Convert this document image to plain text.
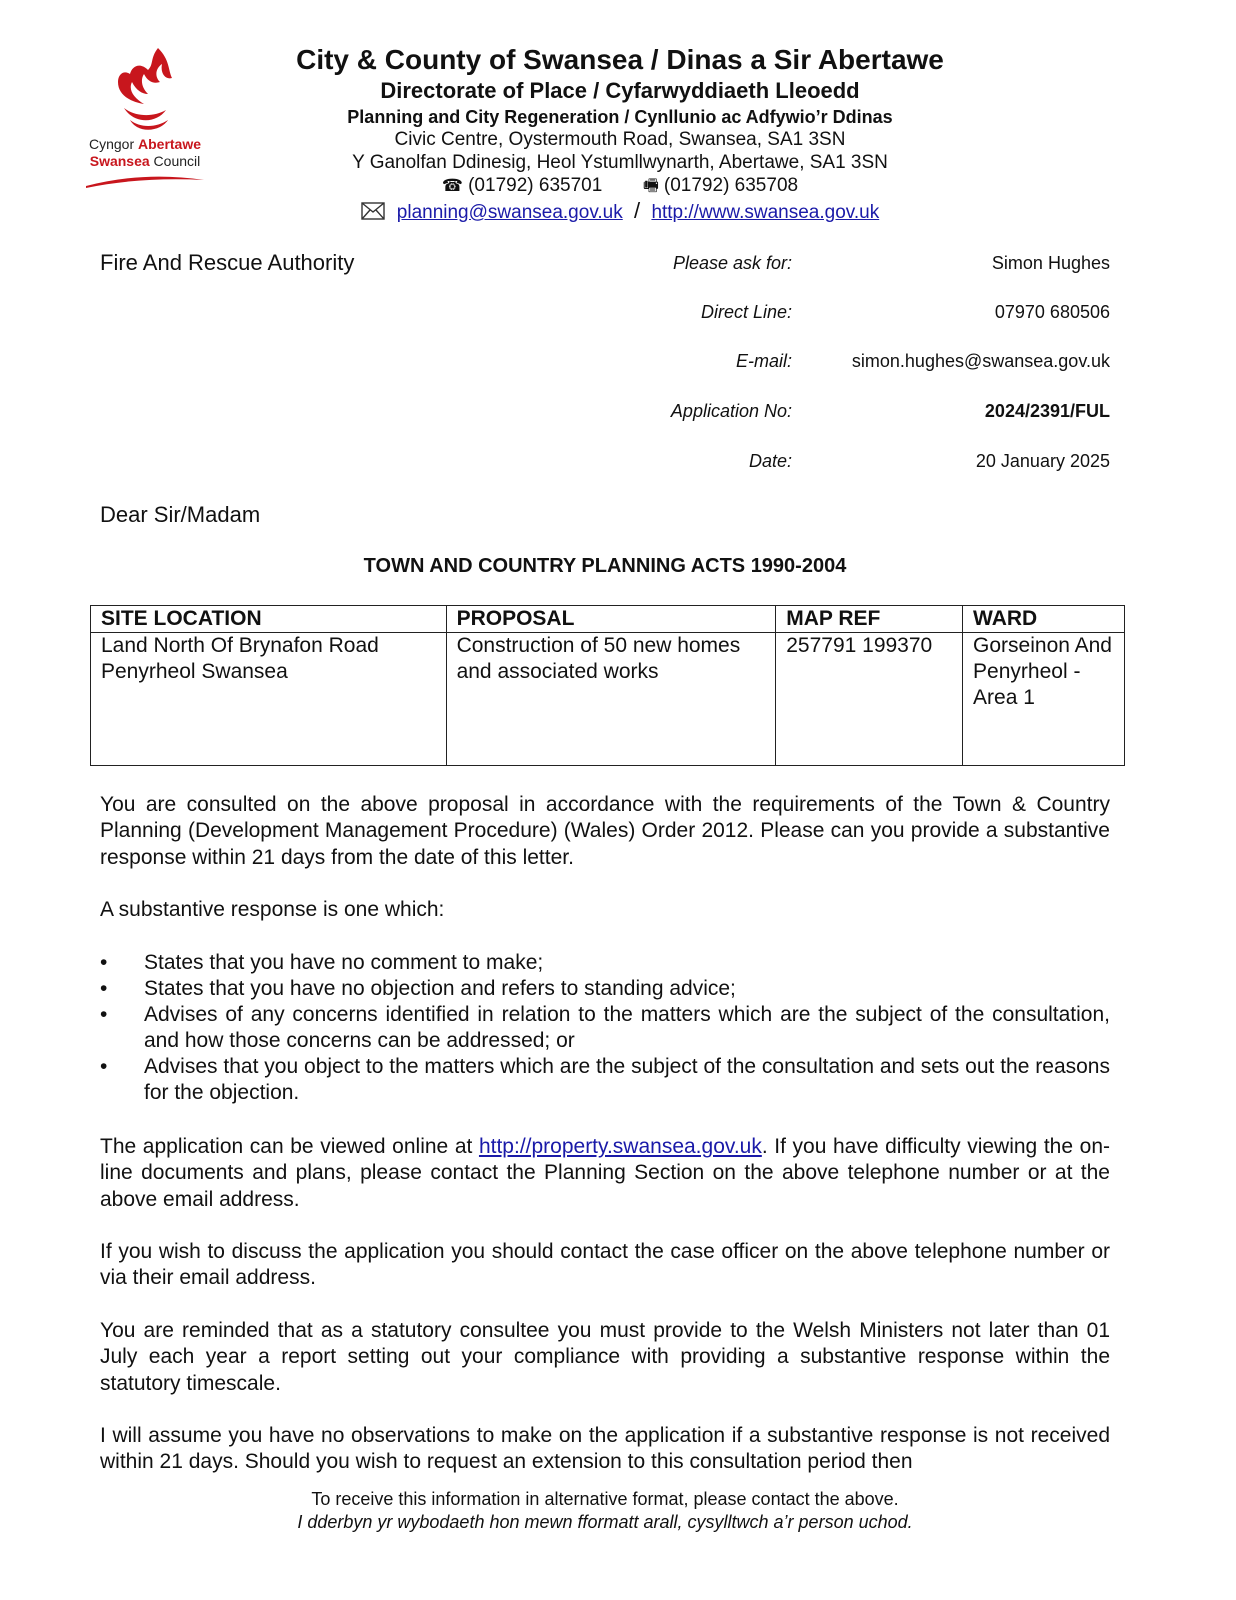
Cyngor Abertawe
Swansea Council
City & County of Swansea / Dinas a Sir Abertawe
Directorate of Place / Cyfarwyddiaeth Lleoedd
Planning and City Regeneration / Cynllunio ac Adfywio’r Ddinas
Civic Centre, Oystermouth Road, Swansea, SA1 3SN
Y Ganolfan Ddinesig, Heol Ystumllwynarth, Abertawe, SA1 3SN
☎ (01792) 635701 🖷 (01792) 635708
planning@swansea.gov.uk / http://www.swansea.gov.uk
Fire And Rescue Authority	Please ask for:	Simon Hughes
Direct Line:	07970 680506
E-mail:	simon.hughes@swansea.gov.uk
Application No:	2024/2391/FUL
Date:	20 January 2025
Dear Sir/Madam
TOWN AND COUNTRY PLANNING ACTS 1990-2004
SITE LOCATION	PROPOSAL	MAP REF	WARD
Land North Of Brynafon Road Penyrheol Swansea	Construction of 50 new homes and associated works	257791 199370	Gorseinon And Penyrheol - Area 1
You are consulted on the above proposal in accordance with the requirements of the Town & Country Planning (Development Management Procedure) (Wales) Order 2012. Please can you provide a substantive response within 21 days from the date of this letter.
A substantive response is one which:
• States that you have no comment to make;
• States that you have no objection and refers to standing advice;
• Advises of any concerns identified in relation to the matters which are the subject of the consultation, and how those concerns can be addressed; or
• Advises that you object to the matters which are the subject of the consultation and sets out the reasons for the objection.
The application can be viewed online at http://property.swansea.gov.uk. If you have difficulty viewing the on-line documents and plans, please contact the Planning Section on the above telephone number or at the above email address.
If you wish to discuss the application you should contact the case officer on the above telephone number or via their email address.
You are reminded that as a statutory consultee you must provide to the Welsh Ministers not later than 01 July each year a report setting out your compliance with providing a substantive response within the statutory timescale.
I will assume you have no observations to make on the application if a substantive response is not received within 21 days. Should you wish to request an extension to this consultation period then
To receive this information in alternative format, please contact the above.
I dderbyn yr wybodaeth hon mewn fformatt arall, cysylltwch a’r person uchod.
